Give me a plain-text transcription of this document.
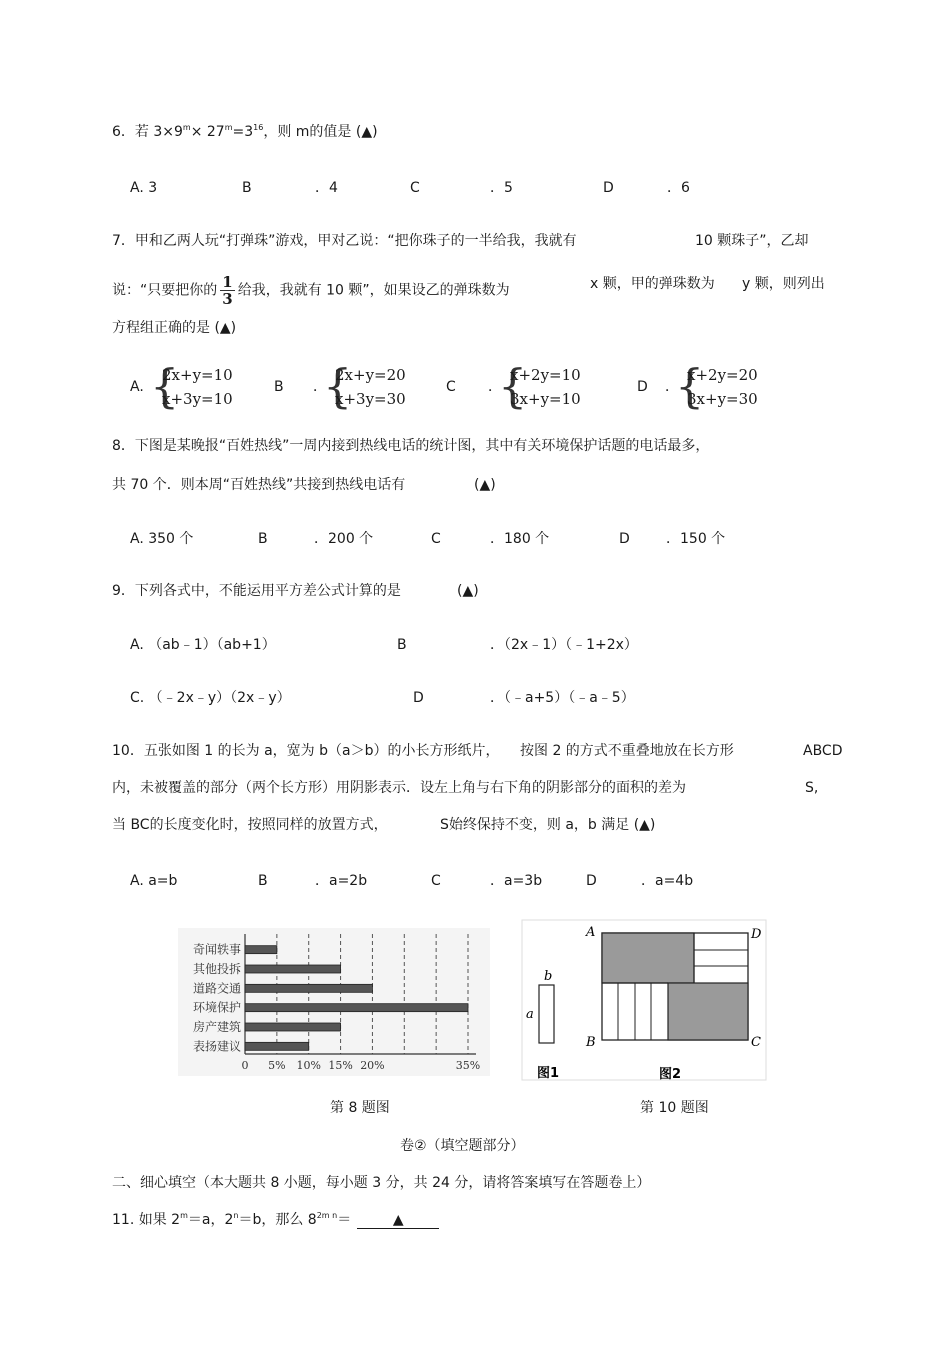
6．若 $3\times 9^m\times 27^m=3^{16}$，则 m的值是 (▲)
A. 3	B	．4	C	．5	D	．6
7．甲和乙两人玩“打弹珠”游戏，甲对乙说：“把你珠子的一半给我，我就有	10 颗珠子”，乙却
说：“只要把你的 $\frac{1}{3}$ 给我，我就有 10 颗”，如果设乙的弹珠数为	x 颗，甲的弹珠数为 y 颗，则列出
方程组正确的是 (▲)
A. {
2x+y=10
x+3y=10
B ．
{
2x+y=20
x+3y=30
C ．
{
x+2y=10
3x+y=10
D ．
{
x+2y=20
3x+y=30
8．下图是某晚报“百姓热线”一周内接到热线电话的统计图，其中有关环境保护话题的电话最多，
共 70 个．则本周“百姓热线”共接到热线电话有	(▲)
A. 350 个	B	．200 个	C	．180 个	D	．150 个
9．下列各式中，不能运用平方差公式计算的是	(▲)
A. （ab﹣1）（ab+1）	B	．（2x﹣1）（﹣1+2x）
C. （﹣2x﹣y）（2x﹣y）	D	．（﹣a+5）（﹣a﹣5）
10．五张如图 1 的长为 a，宽为 b（a＞b）的小长方形纸片， 按图 2 的方式不重叠地放在长方形	ABCD
内，未被覆盖的部分（两个长方形）用阴影表示．设左上角与右下角的阴影部分的面积的差为	S,
当 BC的长度变化时，按照同样的放置方式，	S始终保持不变，则 a，b 满足 (▲)
A. a=b	B	．a=2b	C	．a=3b	D	．a=4b
奇闻轶事
其他投拆
道路交通
环境保护
房产建筑
表扬建议
0 5% 10% 15% 20%	35%
b
a
图1
A	D
B	C
图2
第 8 题图	第 10 题图
卷②（填空题部分）
二、细心填空（本大题共 8 小题，每小题 3 分，共 24 分，请将答案填写在答题卷上）
11. 如果 $2^m=a$，$2^n=b$，那么 $8^{2m n}=$	▲
